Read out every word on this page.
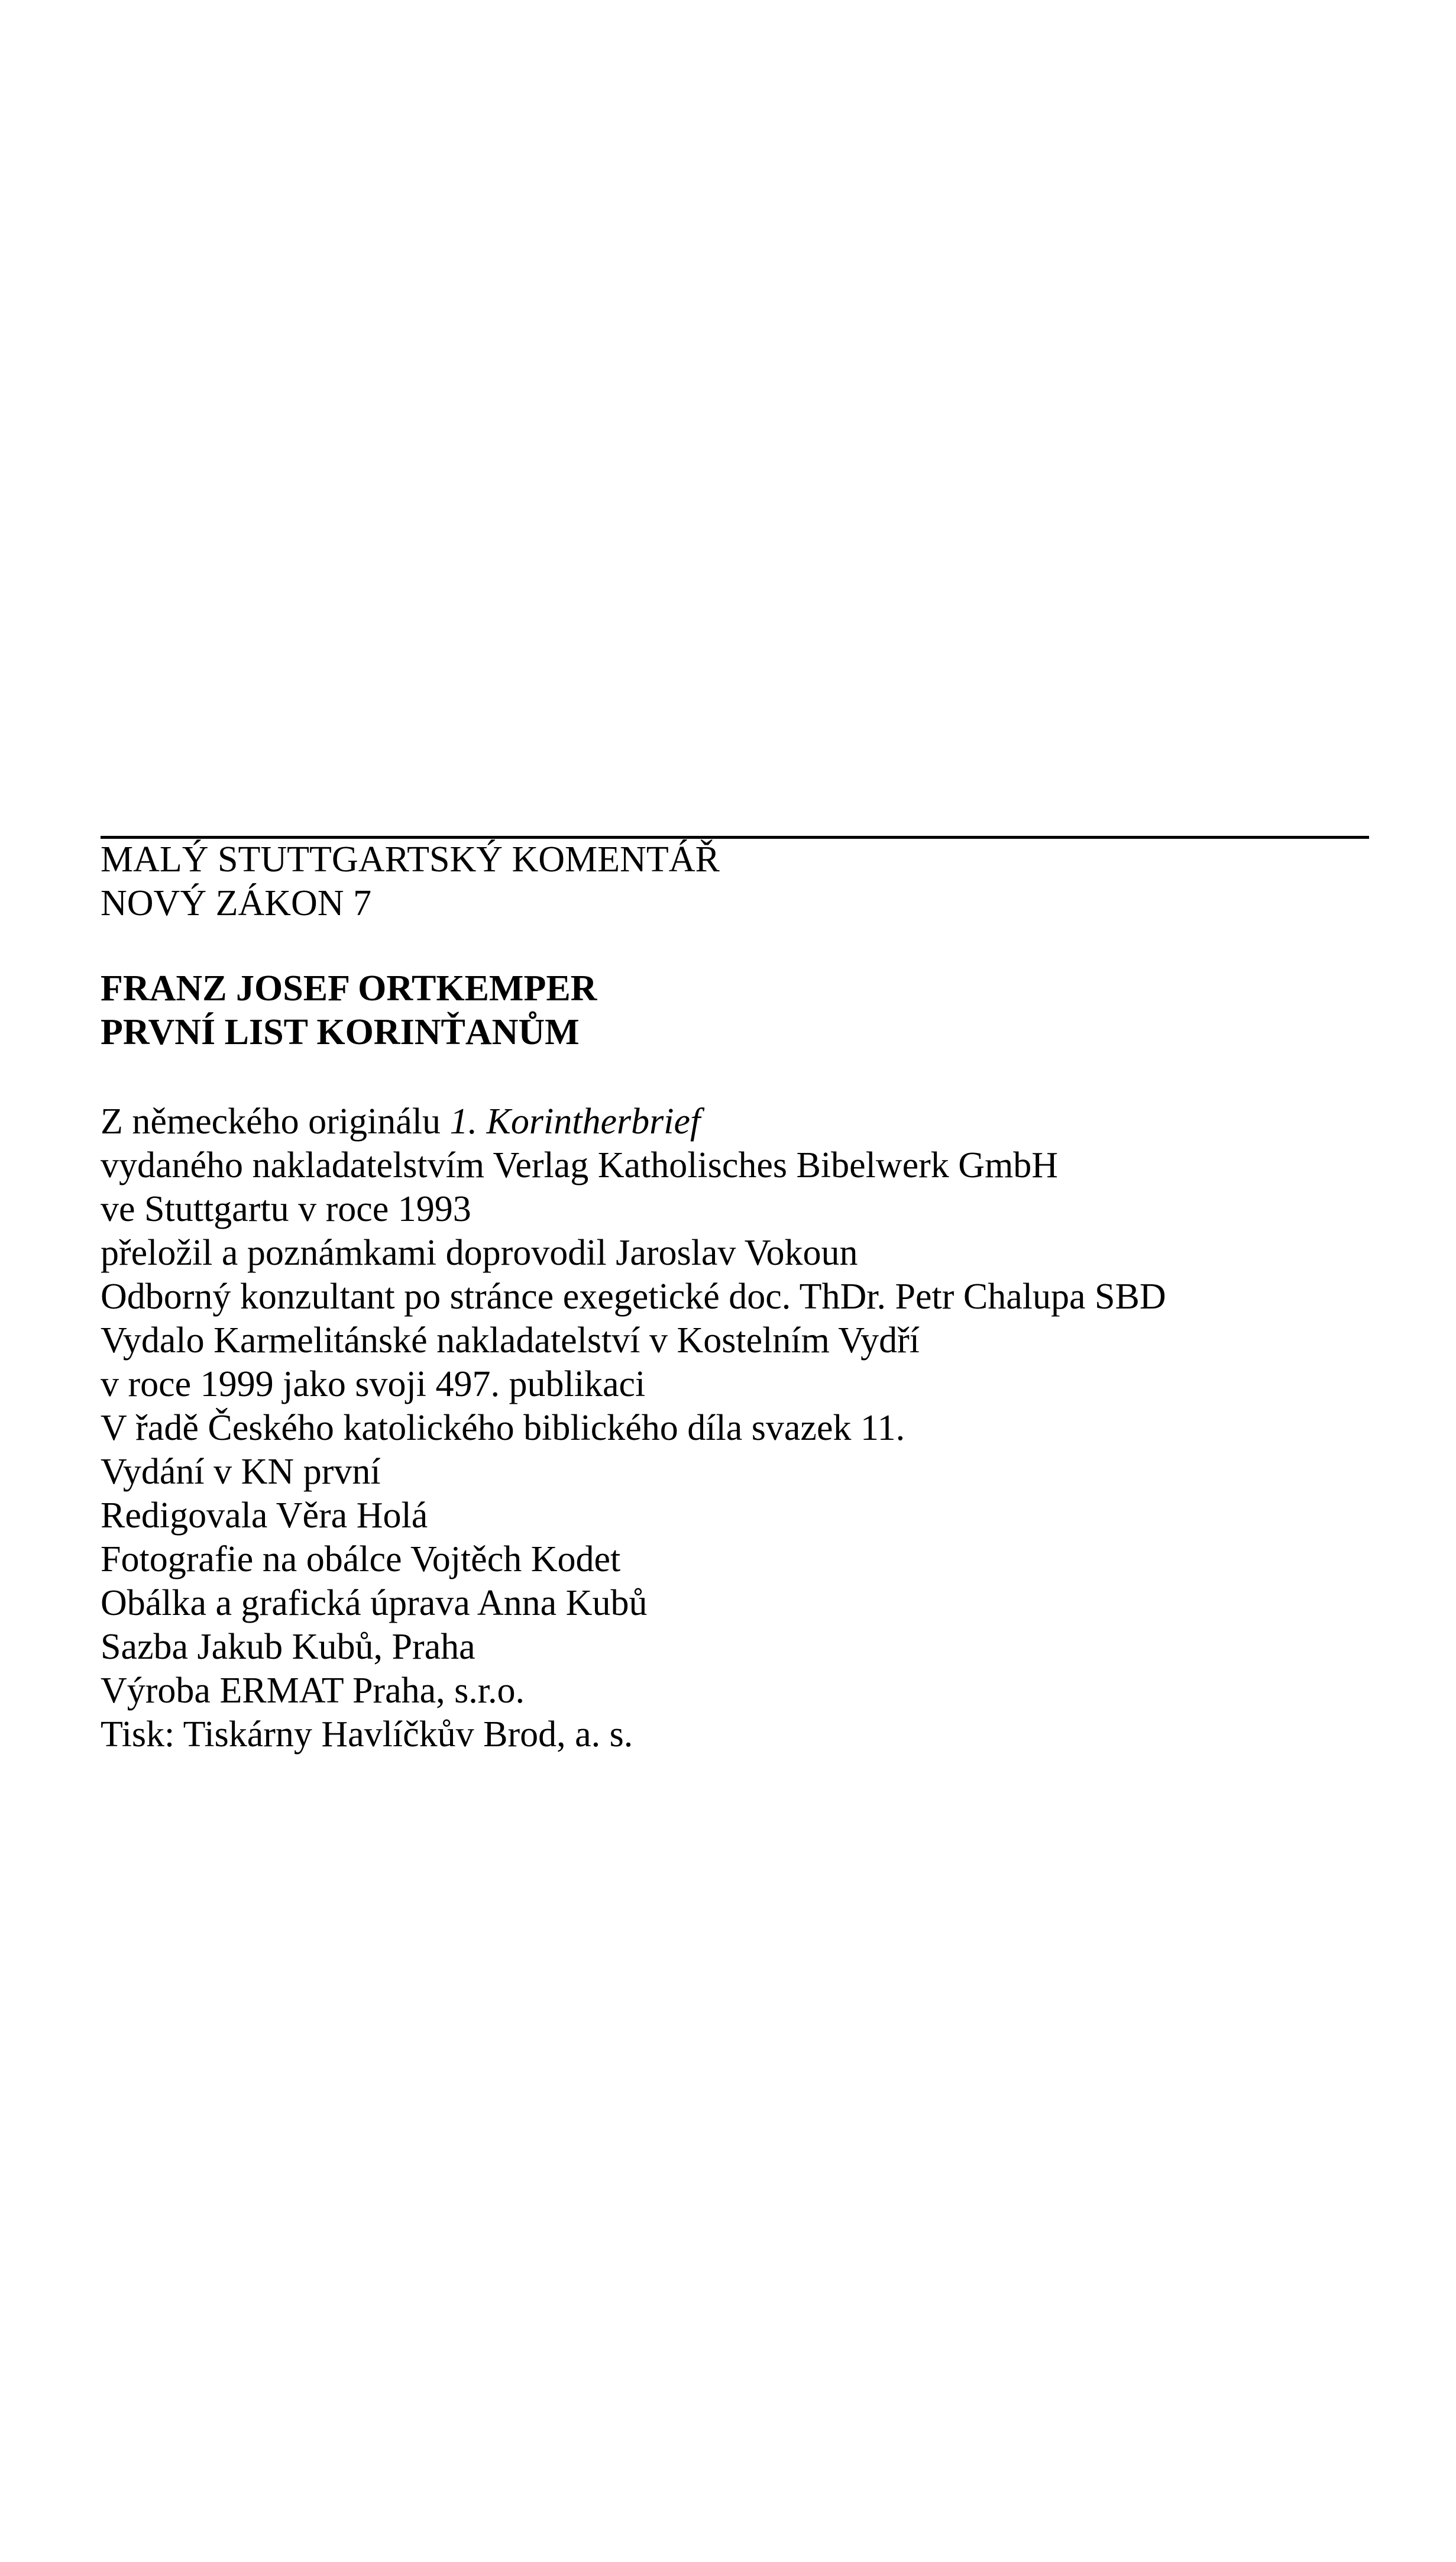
MALÝ STUTTGARTSKÝ KOMENTÁŘ
NOVÝ ZÁKON 7
FRANZ JOSEF ORTKEMPER
PRVNÍ LIST KORINŤANŮM
Z německého originálu 1. Korintherbrief
vydaného nakladatelstvím Verlag Katholisches Bibelwerk GmbH
ve Stuttgartu v roce 1993
přeložil a poznámkami doprovodil Jaroslav Vokoun
Odborný konzultant po stránce exegetické doc. ThDr. Petr Chalupa SBD
Vydalo Karmelitánské nakladatelství v Kostelním Vydří
v roce 1999 jako svoji 497. publikaci
V řadě Českého katolického biblického díla svazek 11.
Vydání v KN první
Redigovala Věra Holá
Fotografie na obálce Vojtěch Kodet
Obálka a grafická úprava Anna Kubů
Sazba Jakub Kubů, Praha
Výroba ERMAT Praha, s.r.o.
Tisk: Tiskárny Havlíčkův Brod, a. s.
